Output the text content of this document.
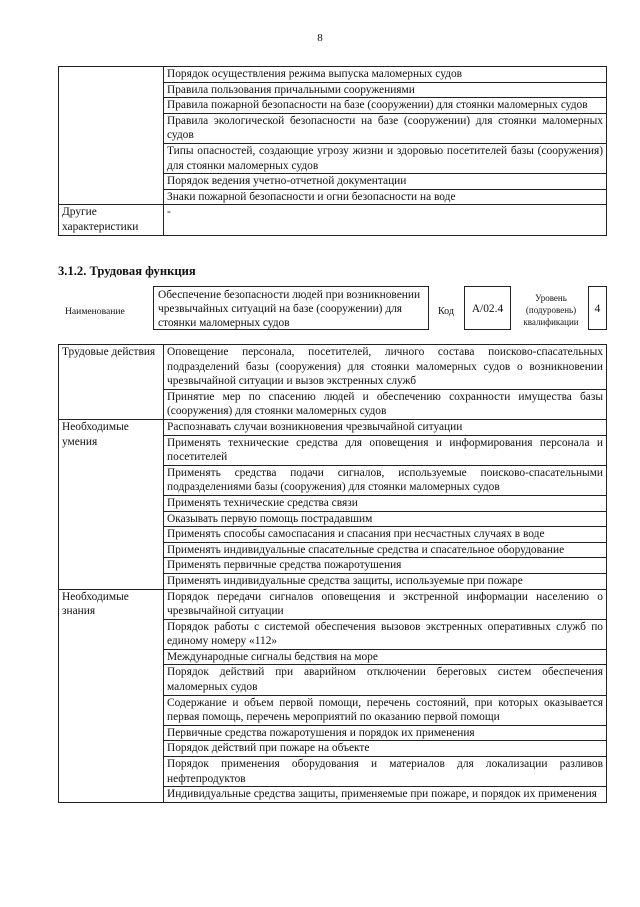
8
	Порядок осуществления режима выпуска маломерных судов
	Правила пользования причальными сооружениями
	Правила пожарной безопасности на базе (сооружении) для стоянки маломерных судов
	Правила экологической безопасности на базе (сооружении) для стоянки маломерных судов
	Типы опасностей, создающие угрозу жизни и здоровью посетителей базы (сооружения) для стоянки маломерных судов
	Порядок ведения учетно-отчетной документации
	Знаки пожарной безопасности и огни безопасности на воде
Другие характеристики	-
3.1.2. Трудовая функция
Наименование
Обеспечение безопасности людей при возникновении чрезвычайных ситуаций на базе (сооружении) для стоянки маломерных судов
Код	A/02.4
Уровень (подуровень) квалификации
4
Трудовые действия	Оповещение персонала, посетителей, личного состава поисково-спасательных подразделений базы (сооружения) для стоянки маломерных судов о возникновении чрезвычайной ситуации и вызов экстренных служб
	Принятие мер по спасению людей и обеспечению сохранности имущества базы (сооружения) для стоянки маломерных судов
Необходимые умения	Распознавать случаи возникновения чрезвычайной ситуации
	Применять технические средства для оповещения и информирования персонала и посетителей
	Применять средства подачи сигналов, используемые поисково-спасательными подразделениями базы (сооружения) для стоянки маломерных судов
	Применять технические средства связи
	Оказывать первую помощь пострадавшим
	Применять способы самоспасания и спасания при несчастных случаях в воде
	Применять индивидуальные спасательные средства и спасательное оборудование
	Применять первичные средства пожаротушения
	Применять индивидуальные средства защиты, используемые при пожаре
Необходимые знания	Порядок передачи сигналов оповещения и экстренной информации населению о чрезвычайной ситуации
	Порядок работы с системой обеспечения вызовов экстренных оперативных служб по единому номеру «112»
	Международные сигналы бедствия на море
	Порядок действий при аварийном отключении береговых систем обеспечения маломерных судов
	Содержание и объем первой помощи, перечень состояний, при которых оказывается первая помощь, перечень мероприятий по оказанию первой помощи
	Первичные средства пожаротушения и порядок их применения
	Порядок действий при пожаре на объекте
	Порядок применения оборудования и материалов для локализации разливов нефтепродуктов
	Индивидуальные средства защиты, применяемые при пожаре, и порядок их применения
